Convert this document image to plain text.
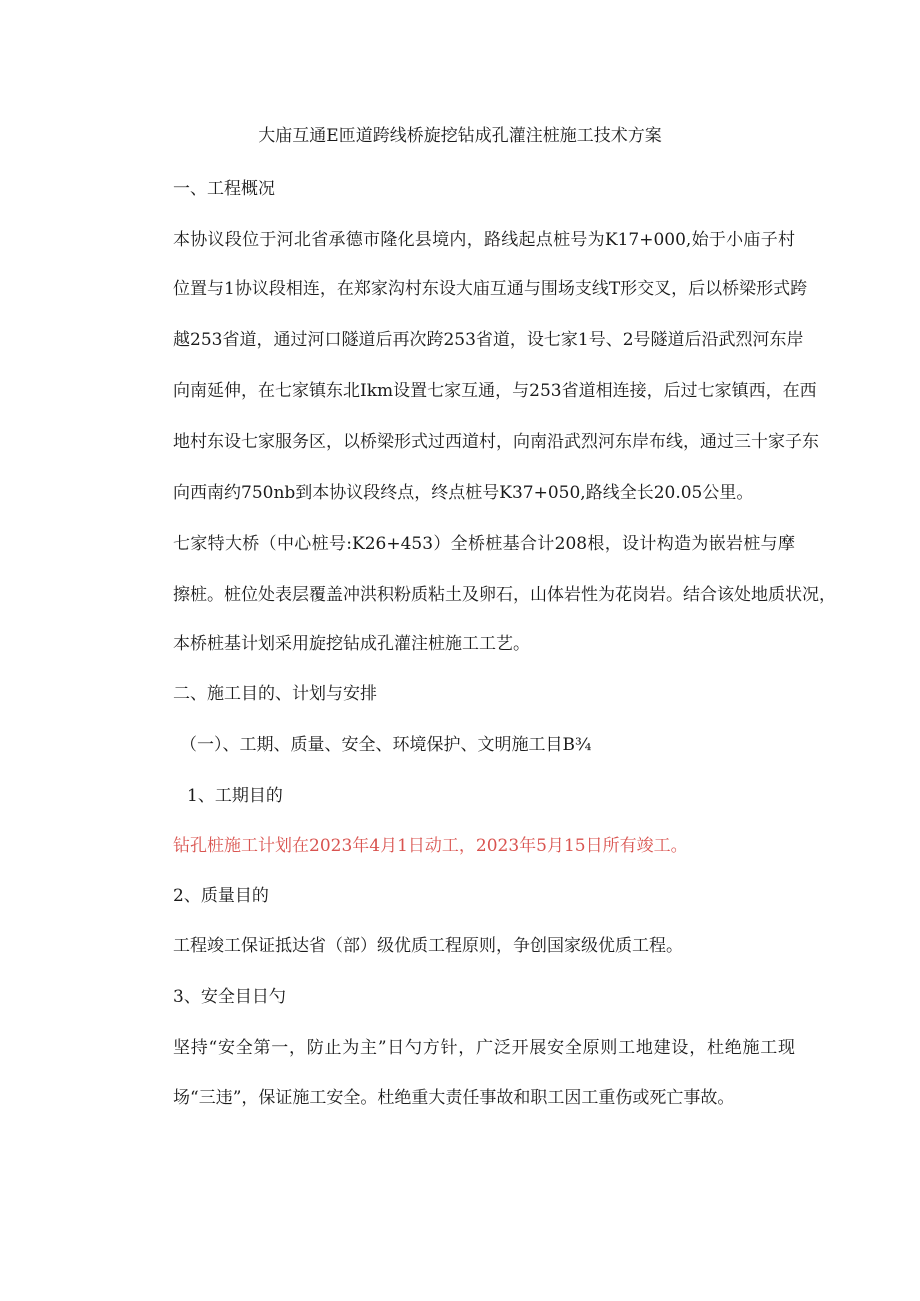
大庙互通E匝道跨线桥旋挖钻成孔灌注桩施工技术方案
一、工程概况
本协议段位于河北省承德市隆化县境内，路线起点桩号为K17+000,始于小庙子村
位置与1协议段相连，在郑家沟村东设大庙互通与围场支线T形交叉，后以桥梁形式跨
越253省道，通过河口隧道后再次跨253省道，设七家1号、2号隧道后沿武烈河东岸
向南延伸，在七家镇东北Ikm设置七家互通，与253省道相连接，后过七家镇西，在西
地村东设七家服务区，以桥梁形式过西道村，向南沿武烈河东岸布线，通过三十家子东
向西南约750nb到本协议段终点，终点桩号K37+050,路线全长20.05公里。
七家特大桥（中心桩号:K26+453）全桥桩基合计208根，设计构造为嵌岩桩与摩
擦桩。桩位处表层覆盖冲洪积粉质粘土及卵石，山体岩性为花岗岩。结合该处地质状况，
本桥桩基计划采用旋挖钻成孔灌注桩施工工艺。
二、施工目的、计划与安排
（一）、工期、质量、安全、环境保护、文明施工目B¾
1、工期目的
钻孔桩施工计划在2023年4月1日动工，2023年5月15日所有竣工。
2、质量目的
工程竣工保证抵达省（部）级优质工程原则，争创国家级优质工程。
3、安全目日勺
坚持“安全第一，防止为主”日勺方针，广泛开展安全原则工地建设，杜绝施工现
场“三违”，保证施工安全。杜绝重大责任事故和职工因工重伤或死亡事故。
